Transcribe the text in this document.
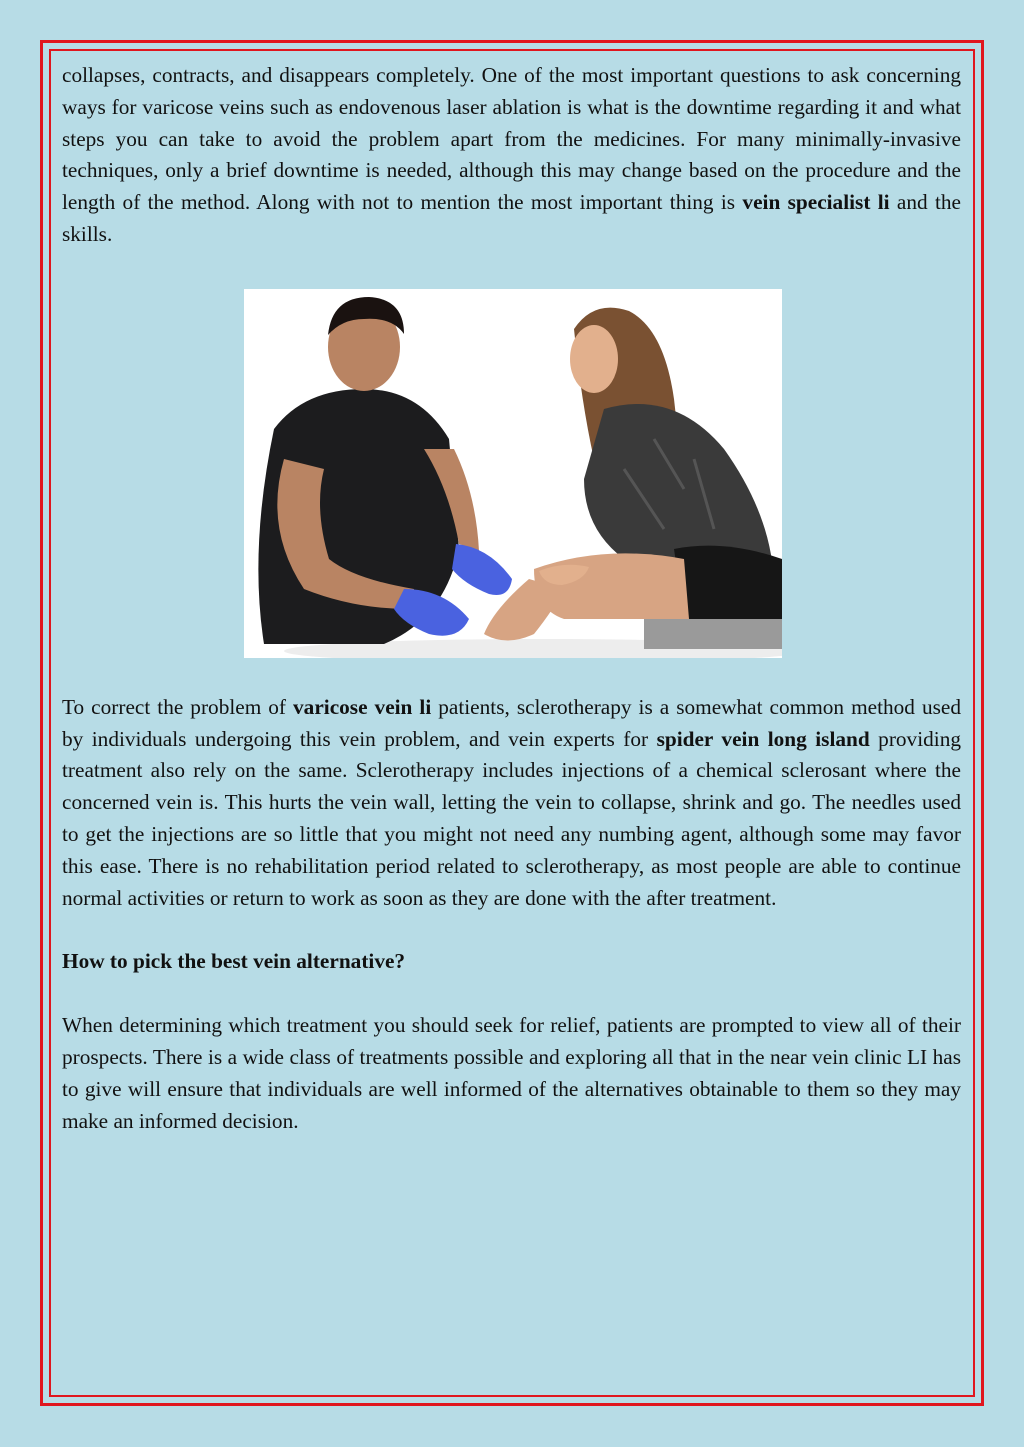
collapses, contracts, and disappears completely. One of the most important questions to ask concerning ways for varicose veins such as endovenous laser ablation is what is the downtime regarding it and what steps you can take to avoid the problem apart from the medicines. For many minimally-invasive techniques, only a brief downtime is needed, although this may change based on the procedure and the length of the method. Along with not to mention the most important thing is vein specialist li and the skills.

To correct the problem of varicose vein li patients, sclerotherapy is a somewhat common method used by individuals undergoing this vein problem, and vein experts for spider vein long island providing treatment also rely on the same. Sclerotherapy includes injections of a chemical sclerosant where the concerned vein is. This hurts the vein wall, letting the vein to collapse, shrink and go. The needles used to get the injections are so little that you might not need any numbing agent, although some may favor this ease. There is no rehabilitation period related to sclerotherapy, as most people are able to continue normal activities or return to work as soon as they are done with the after treatment.

How to pick the best vein alternative?

When determining which treatment you should seek for relief, patients are prompted to view all of their prospects. There is a wide class of treatments possible and exploring all that in the near vein clinic LI has to give will ensure that individuals are well informed of the alternatives obtainable to them so they may make an informed decision.
